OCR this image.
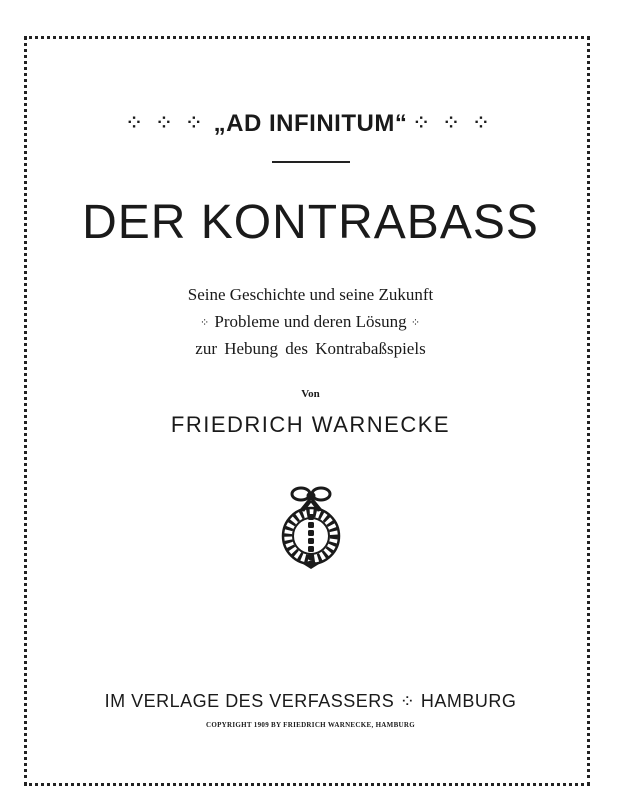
⁘ ⁘ ⁘ „AD INFINITUM“ ⁘ ⁘ ⁘
DER KONTRABASS
Seine Geschichte und seine Zukunft
⁘ Probleme und deren Lösung ⁘
zur Hebung des Kontrabaßspiels
Von
FRIEDRICH WARNECKE
IM VERLAGE DES VERFASSERS ⁘ HAMBURG
COPYRIGHT 1909 BY FRIEDRICH WARNECKE, HAMBURG
